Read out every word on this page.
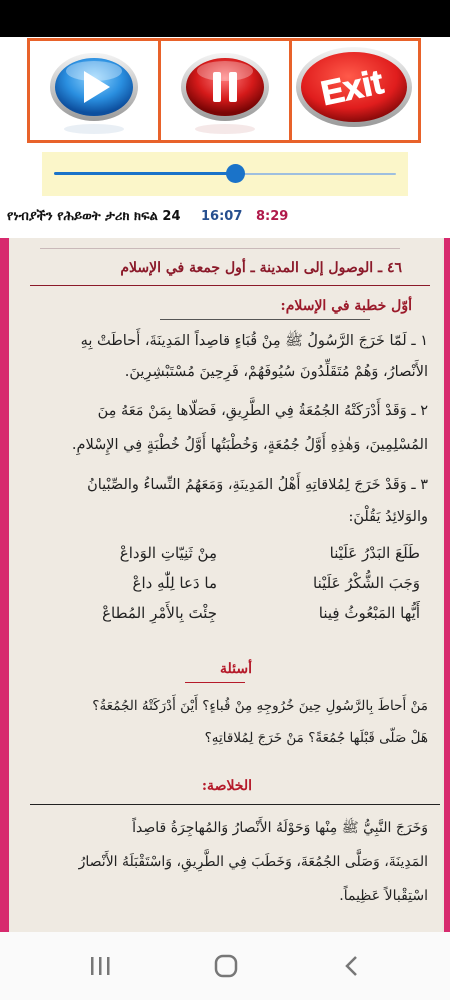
Exit
የነብያችን የሕይወት ታሪክ ክፍል 24 16:07 8:29
٤٦ ـ الوصول إلى المدينة ـ أول جمعة في الإسلام
أوّل خطبة في الإسلام:
١ ـ لَمّا خَرَجَ الرَّسُولُ ﷺ مِنْ قُبَاءٍ قاصِداً المَدِينَةَ، أَحاطَتْ بِهِ
الأَنْصارُ، وَهُمْ مُتَقَلِّدُونَ سُيُوفَهُمْ، فَرِحِينَ مُسْتَبْشِرِينَ.
٢ ـ وَقَدْ أَدْرَكَتْهُ الجُمُعَةُ فِي الطَّرِيقِ، فَصَلّاها بِمَنْ مَعَهُ مِنَ
المُسْلِمِينَ، وَهٰذِهِ أَوَّلُ جُمُعَةٍ، وَخُطْبَتُها أَوَّلُ خُطْبَةٍ فِي الإِسْلامِ.
٣ ـ وَقَدْ خَرَجَ لِمُلاقاتِهِ أَهْلُ المَدِينَةِ، وَمَعَهُمُ النِّساءُ والصِّبْيانُ
والوَلائِدُ يَقُلْنَ:
طَلَعَ البَدْرُ عَلَيْنا
مِنْ ثَنِيّاتِ الوَداعْ
وَجَبَ الشُّكْرُ عَلَيْنا
ما دَعا لِلّٰهِ داعْ
أَيُّها المَبْعُوثُ فِينا
جِئْتَ بِالأَمْرِ المُطاعْ
أسئلة
مَنْ أَحاطَ بِالرَّسُولِ حِينَ خُرُوجِهِ مِنْ قُباءٍ؟ أَيْنَ أَدْرَكَتْهُ الجُمُعَةُ؟
هَلْ صَلّى قَبْلَها جُمُعَةً؟ مَنْ خَرَجَ لِمُلاقاتِهِ؟
الخلاصة:
وَخَرَجَ النَّبِيُّ ﷺ مِنْها وَحَوْلَهُ الأَنْصارُ وَالمُهاجِرَةُ قاصِداً
المَدِينَةَ، وَصَلَّى الجُمُعَةَ، وَخَطَبَ فِي الطَّرِيقِ، وَاسْتَقْبَلَهُ الأَنْصارُ
اسْتِقْبالاً عَظِيماً.
